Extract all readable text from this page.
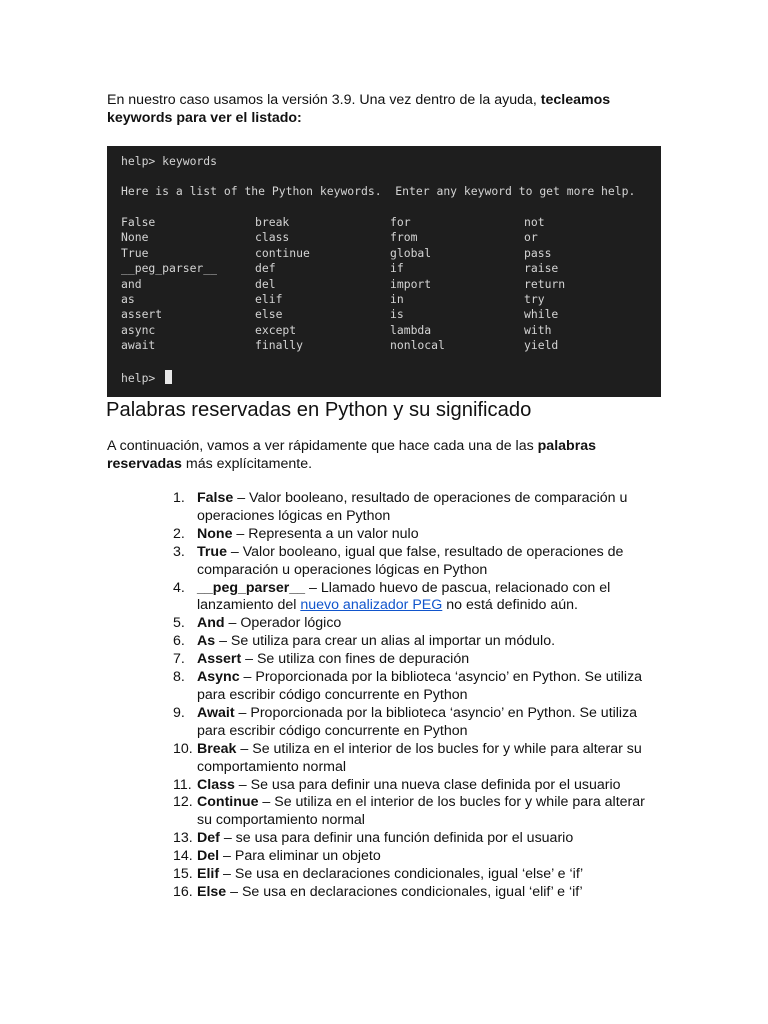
En nuestro caso usamos la versión 3.9. Una vez dentro de la ayuda, tecleamos keywords para ver el listado:

help> keywords
Here is a list of the Python keywords.  Enter any keyword to get more help.
False
None
True
__peg_parser__
and
as
assert
async
await
break
class
continue
def
del
elif
else
except
finally
for
from
global
if
import
in
is
lambda
nonlocal
not
or
pass
raise
return
try
while
with
yield
help>
Palabras reservadas en Python y su significado

A continuación, vamos a ver rápidamente que hace cada una de las palabras reservadas más explícitamente.

1. False – Valor booleano, resultado de operaciones de comparación u operaciones lógicas en Python
2. None – Representa a un valor nulo
3. True – Valor booleano, igual que false, resultado de operaciones de comparación u operaciones lógicas en Python
4. __peg_parser__ – Llamado huevo de pascua, relacionado con el lanzamiento del nuevo analizador PEG no está definido aún.
5. And – Operador lógico
6. As – Se utiliza para crear un alias al importar un módulo.
7. Assert – Se utiliza con fines de depuración
8. Async – Proporcionada por la biblioteca ‘asyncio’ en Python. Se utiliza para escribir código concurrente en Python
9. Await – Proporcionada por la biblioteca ‘asyncio’ en Python. Se utiliza para escribir código concurrente en Python
10. Break – Se utiliza en el interior de los bucles for y while para alterar su comportamiento normal
11. Class – Se usa para definir una nueva clase definida por el usuario
12. Continue – Se utiliza en el interior de los bucles for y while para alterar su comportamiento normal
13. Def – se usa para definir una función definida por el usuario
14. Del – Para eliminar un objeto
15. Elif – Se usa en declaraciones condicionales, igual ‘else’ e ‘if’
16. Else – Se usa en declaraciones condicionales, igual ‘elif’ e ‘if’
